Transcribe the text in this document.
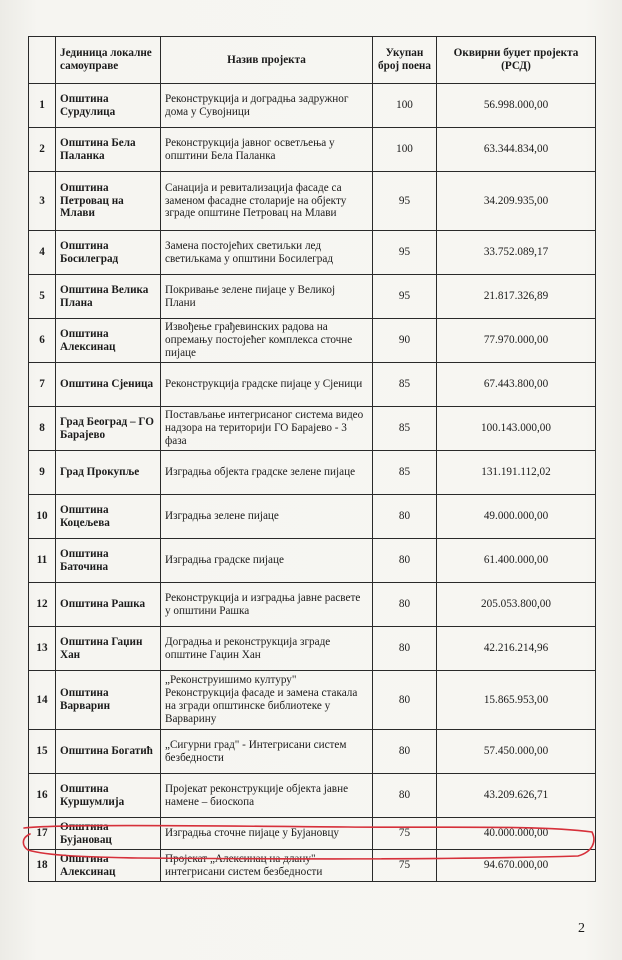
	Јединица локалне самоуправе	Назив пројекта	Укупан број поена	Оквирни буџет пројекта (РСД)
1	Општина Сурдулица	Реконструкција и доградња задружног дома у Сувојници	100	56.998.000,00
2	Општина Бела Паланка	Реконструкција јавног осветљења у општини Бела Паланка	100	63.344.834,00
3	Општина Петровац на Млави	Санација и ревитализација фасаде са заменом фасадне столарије на објекту зграде општине Петровац на Млави	95	34.209.935,00
4	Општина Босилеград	Замена постојећих светиљки лед светиљкама у општини Босилеград	95	33.752.089,17
5	Општина Велика Плана	Покривање зелене пијаце у Великој Плани	95	21.817.326,89
6	Општина Алексинац	Извођење грађевинских радова на опремању постојећег комплекса сточне пијаце	90	77.970.000,00
7	Општина Сјеница	Реконструкција градске пијаце у Сјеници	85	67.443.800,00
8	Град Београд – ГО Барајево	Постављање интегрисаног система видео надзора на територији ГО Барајево - 3 фаза	85	100.143.000,00
9	Град Прокупље	Изградња објекта градске зелене пијаце	85	131.191.112,02
10	Општина Коцељева	Изградња зелене пијаце	80	49.000.000,00
11	Општина Баточина	Изградња градске пијаце	80	61.400.000,00
12	Општина Рашка	Реконструкција и изградња јавне расвете у општини Рашка	80	205.053.800,00
13	Општина Гаџин Хан	Доградња и реконструкција зграде општине Гаџин Хан	80	42.216.214,96
14	Општина Варварин	„Реконструишимо културу" Реконструкција фасаде и замена стакала на згради општинске библиотеке у Варварину	80	15.865.953,00
15	Општина Богатић	„Сигурни град" - Интегрисани систем безбедности	80	57.450.000,00
16	Општина Куршумлија	Пројекат реконструкције објекта јавне намене – биоскопа	80	43.209.626,71
17	Општина Бујановац	Изградња сточне пијаце у Бујановцу	75	40.000.000,00
18	Општина Алексинац	Пројекат „Алексинац на длану" - интегрисани систем безбедности	75	94.670.000,00
2
